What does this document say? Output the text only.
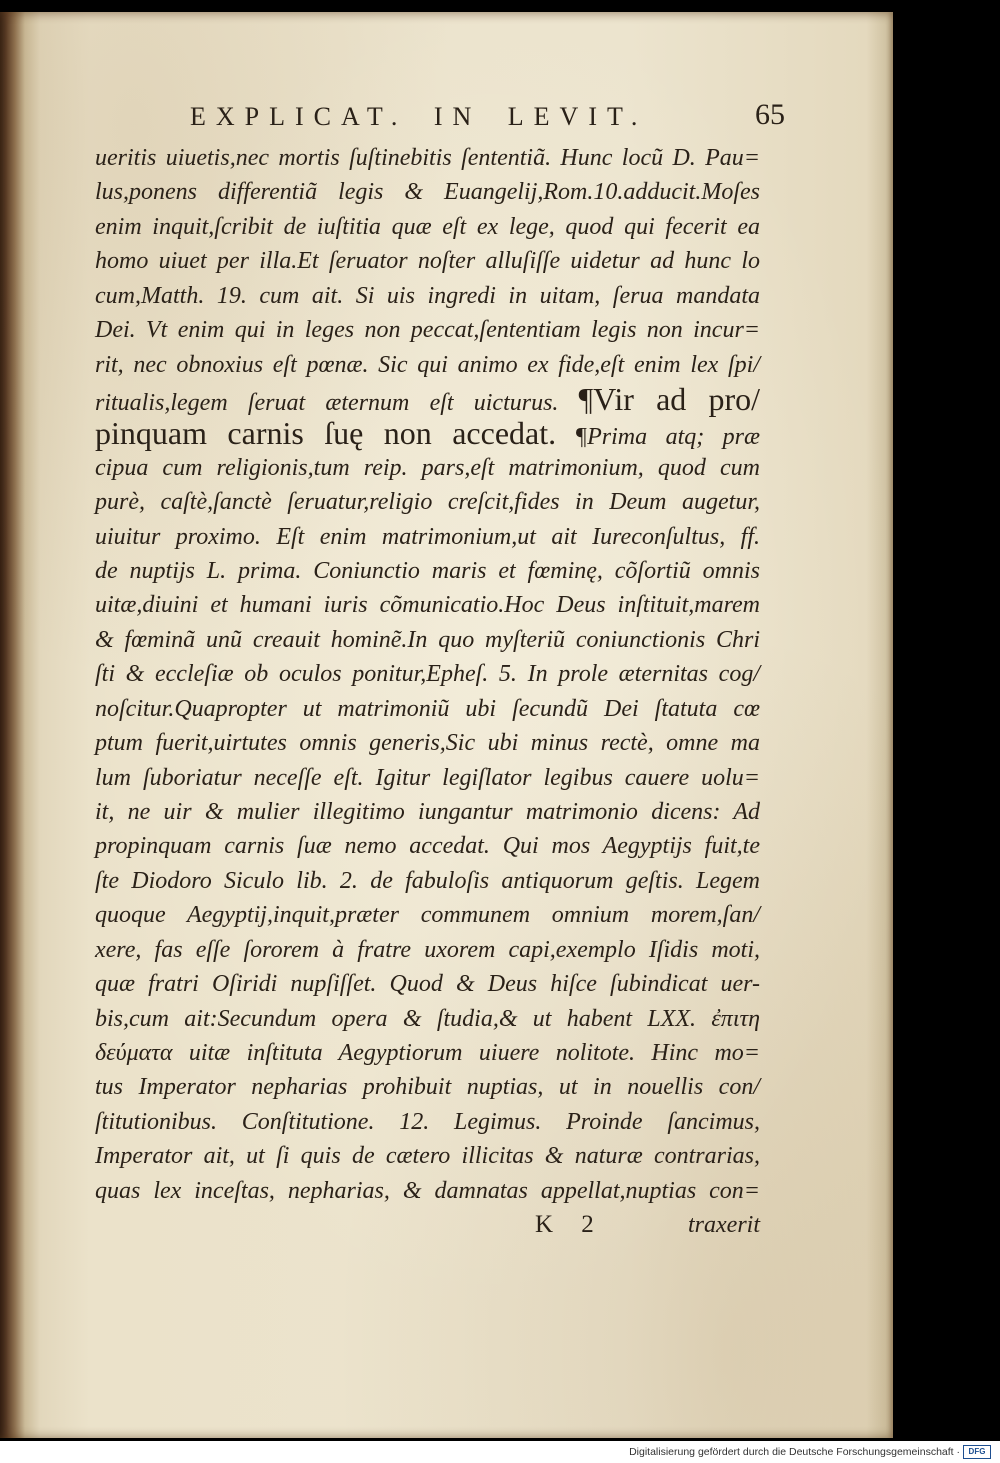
EXPLICAT. IN LEVIT.	65
ueritis uiuetis,nec mortis ſuſtinebitis ſententiã. Hunc locũ D. Pau=
lus,ponens differentiã legis & Euangelij,Rom.10.adducit.Moſes
enim inquit,ſcribit de iuſtitia quæ eſt ex lege, quod qui fecerit ea
homo uiuet per illa.Et ſeruator noſter alluſiſſe uidetur ad hunc lo
cum,Matth. 19. cum ait. Si uis ingredi in uitam, ſerua mandata
Dei. Vt enim qui in leges non peccat,ſententiam legis non incur=
rit, nec obnoxius eſt pœnæ. Sic qui animo ex fide,eſt enim lex ſpi/
ritualis,legem ſeruat æternum eſt uicturus. ¶Vir ad pro/
pinquam carnis ſuę non accedat. ¶Prima atq; præ
cipua cum religionis,tum reip. pars,eſt matrimonium, quod cum
purè, caſtè,ſanctè ſeruatur,religio creſcit,fides in Deum augetur,
uiuitur proximo. Eſt enim matrimonium,ut ait Iureconſultus, ff.
de nuptijs L. prima. Coniunctio maris et fœminę, cõſortiũ omnis
uitæ,diuini et humani iuris cõmunicatio.Hoc Deus inſtituit,marem
& fœminã unũ creauit hominẽ.In quo myſteriũ coniunctionis Chri
ſti & eccleſiæ ob oculos ponitur,Epheſ. 5. In prole æternitas cog/
noſcitur.Quapropter ut matrimoniũ ubi ſecundũ Dei ſtatuta cœ
ptum fuerit,uirtutes omnis generis,Sic ubi minus rectè, omne ma
lum ſuboriatur neceſſe eſt. Igitur legiſlator legibus cauere uolu=
it, ne uir & mulier illegitimo iungantur matrimonio dicens: Ad
propinquam carnis ſuæ nemo accedat. Qui mos Aegyptijs fuit,te
ſte Diodoro Siculo lib. 2. de fabuloſis antiquorum geſtis. Legem
quoque Aegyptij,inquit,præter communem omnium morem,ſan/
xere, fas eſſe ſororem à fratre uxorem capi,exemplo Iſidis moti,
quæ fratri Oſiridi nupſiſſet. Quod & Deus hiſce ſubindicat uer-
bis,cum ait:Secundum opera & ſtudia,& ut habent LXX. ἐπιτη
δεύματα uitæ inſtituta Aegyptiorum uiuere nolitote. Hinc mo=
tus Imperator nepharias prohibuit nuptias, ut in nouellis con/
ſtitutionibus. Conſtitutione. 12. Legimus. Proinde ſancimus,
Imperator ait, ut ſi quis de cætero illicitas & naturæ contrarias,
quas lex inceſtas, nepharias, & damnatas appellat,nuptias con=
K 2	traxerit
Digitalisierung gefördert durch die Deutsche Forschungsgemeinschaft ·	DFG
